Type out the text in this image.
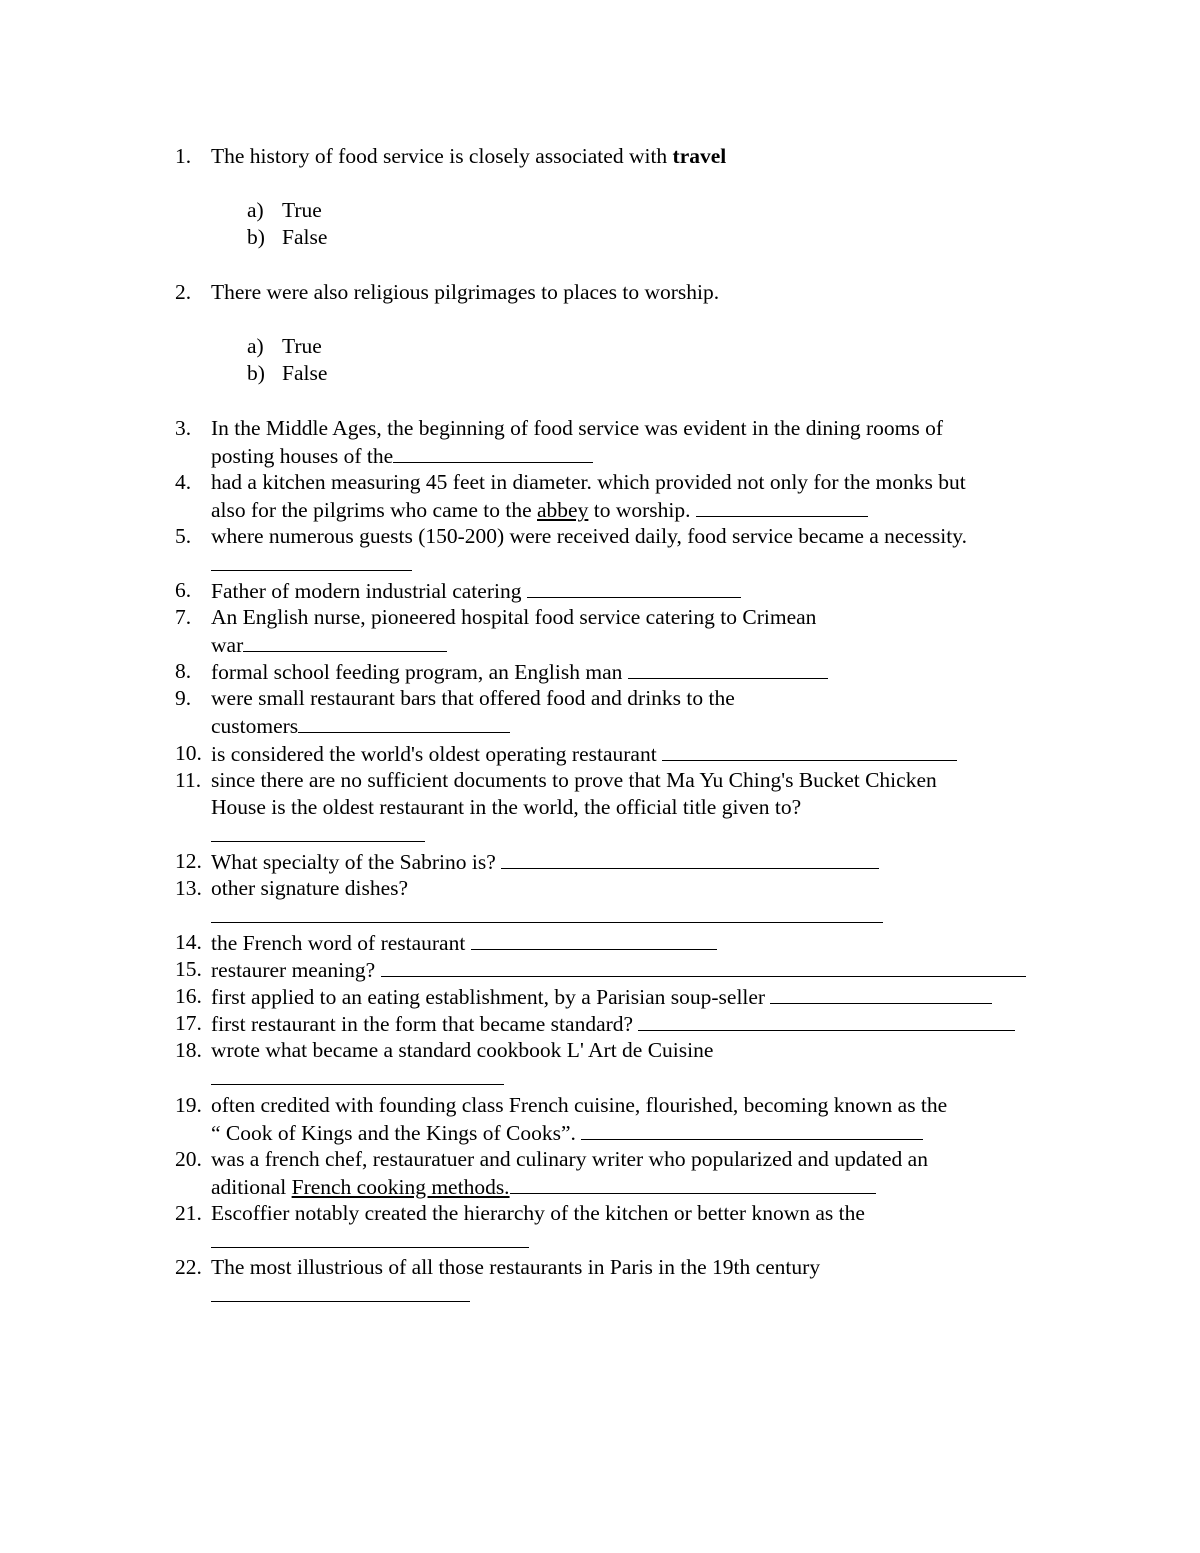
1. The history of food service is closely associated with travel
a) True
b) False
2. There were also religious pilgrimages to places to worship.
a) True
b) False
3. In the Middle Ages, the beginning of food service was evident in the dining rooms of
posting houses of the
4. had a kitchen measuring 45 feet in diameter. which provided not only for the monks but
also for the pilgrims who came to the abbey to worship.
5. where numerous guests (150-200) were received daily, food service became a necessity.
6. Father of modern industrial catering
7. An English nurse, pioneered hospital food service catering to Crimean
war
8. formal school feeding program, an English man
9. were small restaurant bars that offered food and drinks to the
customers
10. is considered the world's oldest operating restaurant
11. since there are no sufficient documents to prove that Ma Yu Ching's Bucket Chicken
House is the oldest restaurant in the world, the official title given to?
12. What specialty of the Sabrino is?
13. other signature dishes?
14. the French word of restaurant
15. restaurer meaning?
16. first applied to an eating establishment, by a Parisian soup-seller
17. first restaurant in the form that became standard?
18. wrote what became a standard cookbook L' Art de Cuisine
19. often credited with founding class French cuisine, flourished, becoming known as the
“ Cook of Kings and the Kings of Cooks”.
20. was a french chef, restauratuer and culinary writer who popularized and updated an
aditional French cooking methods.
21. Escoffier notably created the hierarchy of the kitchen or better known as the
22. The most illustrious of all those restaurants in Paris in the 19th century
